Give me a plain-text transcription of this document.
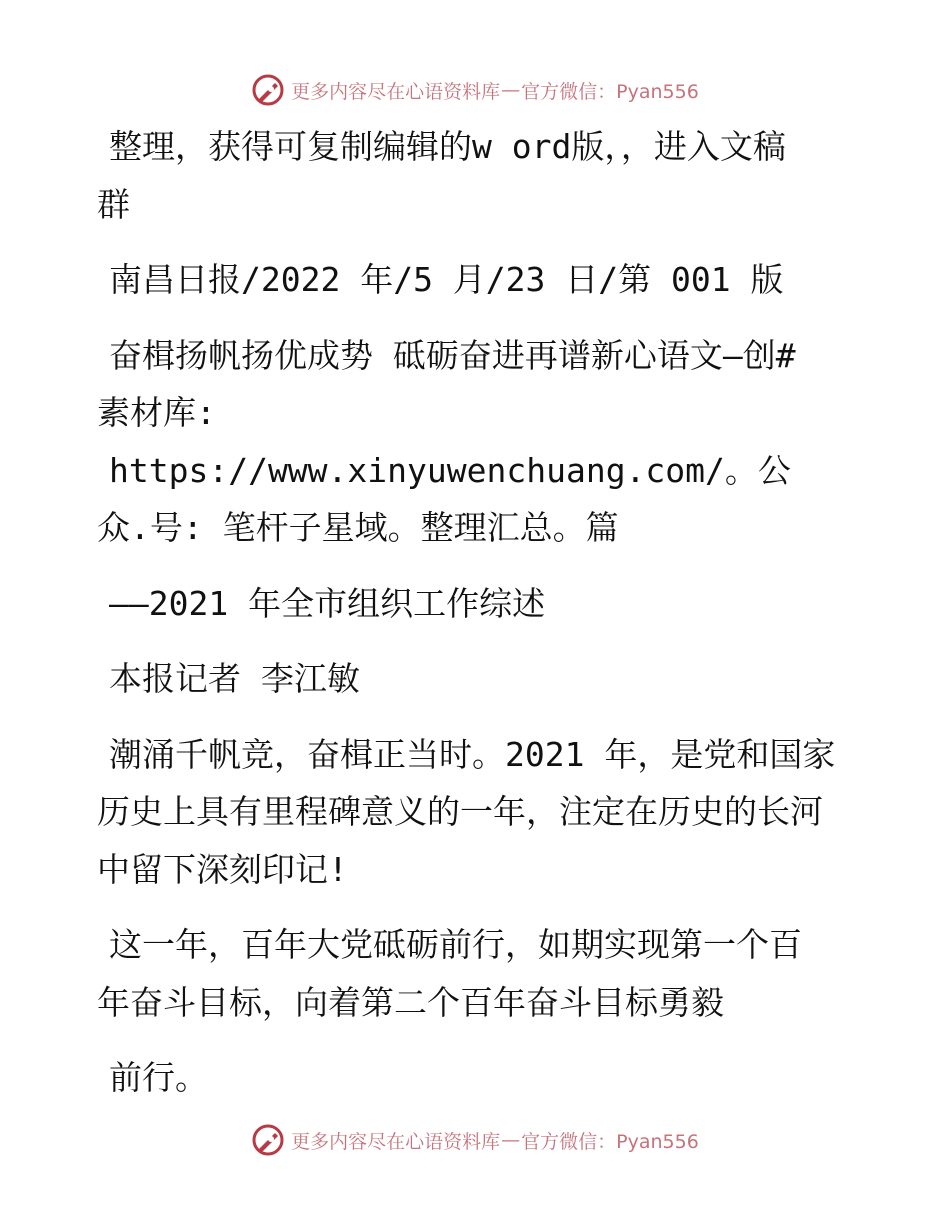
更多内容尽在心语资料库 — 官方微信：Pyan556

整理，获得可复制编辑的w ord版，，进入文稿
群

南昌日报/2022 年/5 月/23 日/第 001 版

奋楫扬帆扬优成势 砥砺奋进再谱新心语文—创#
素材库: https://www.xinyuwenchuang.com/。公
众.号: 笔杆子星域。整理汇总。篇

——2021 年全市组织工作综述

本报记者 李江敏

潮涌千帆竞，奋楫正当时。2021 年，是党和国家
历史上具有里程碑意义的一年，注定在历史的长河
中留下深刻印记!

这一年，百年大党砥砺前行，如期实现第一个百
年奋斗目标，向着第二个百年奋斗目标勇毅

前行。

更多内容尽在心语资料库 — 官方微信：Pyan556
